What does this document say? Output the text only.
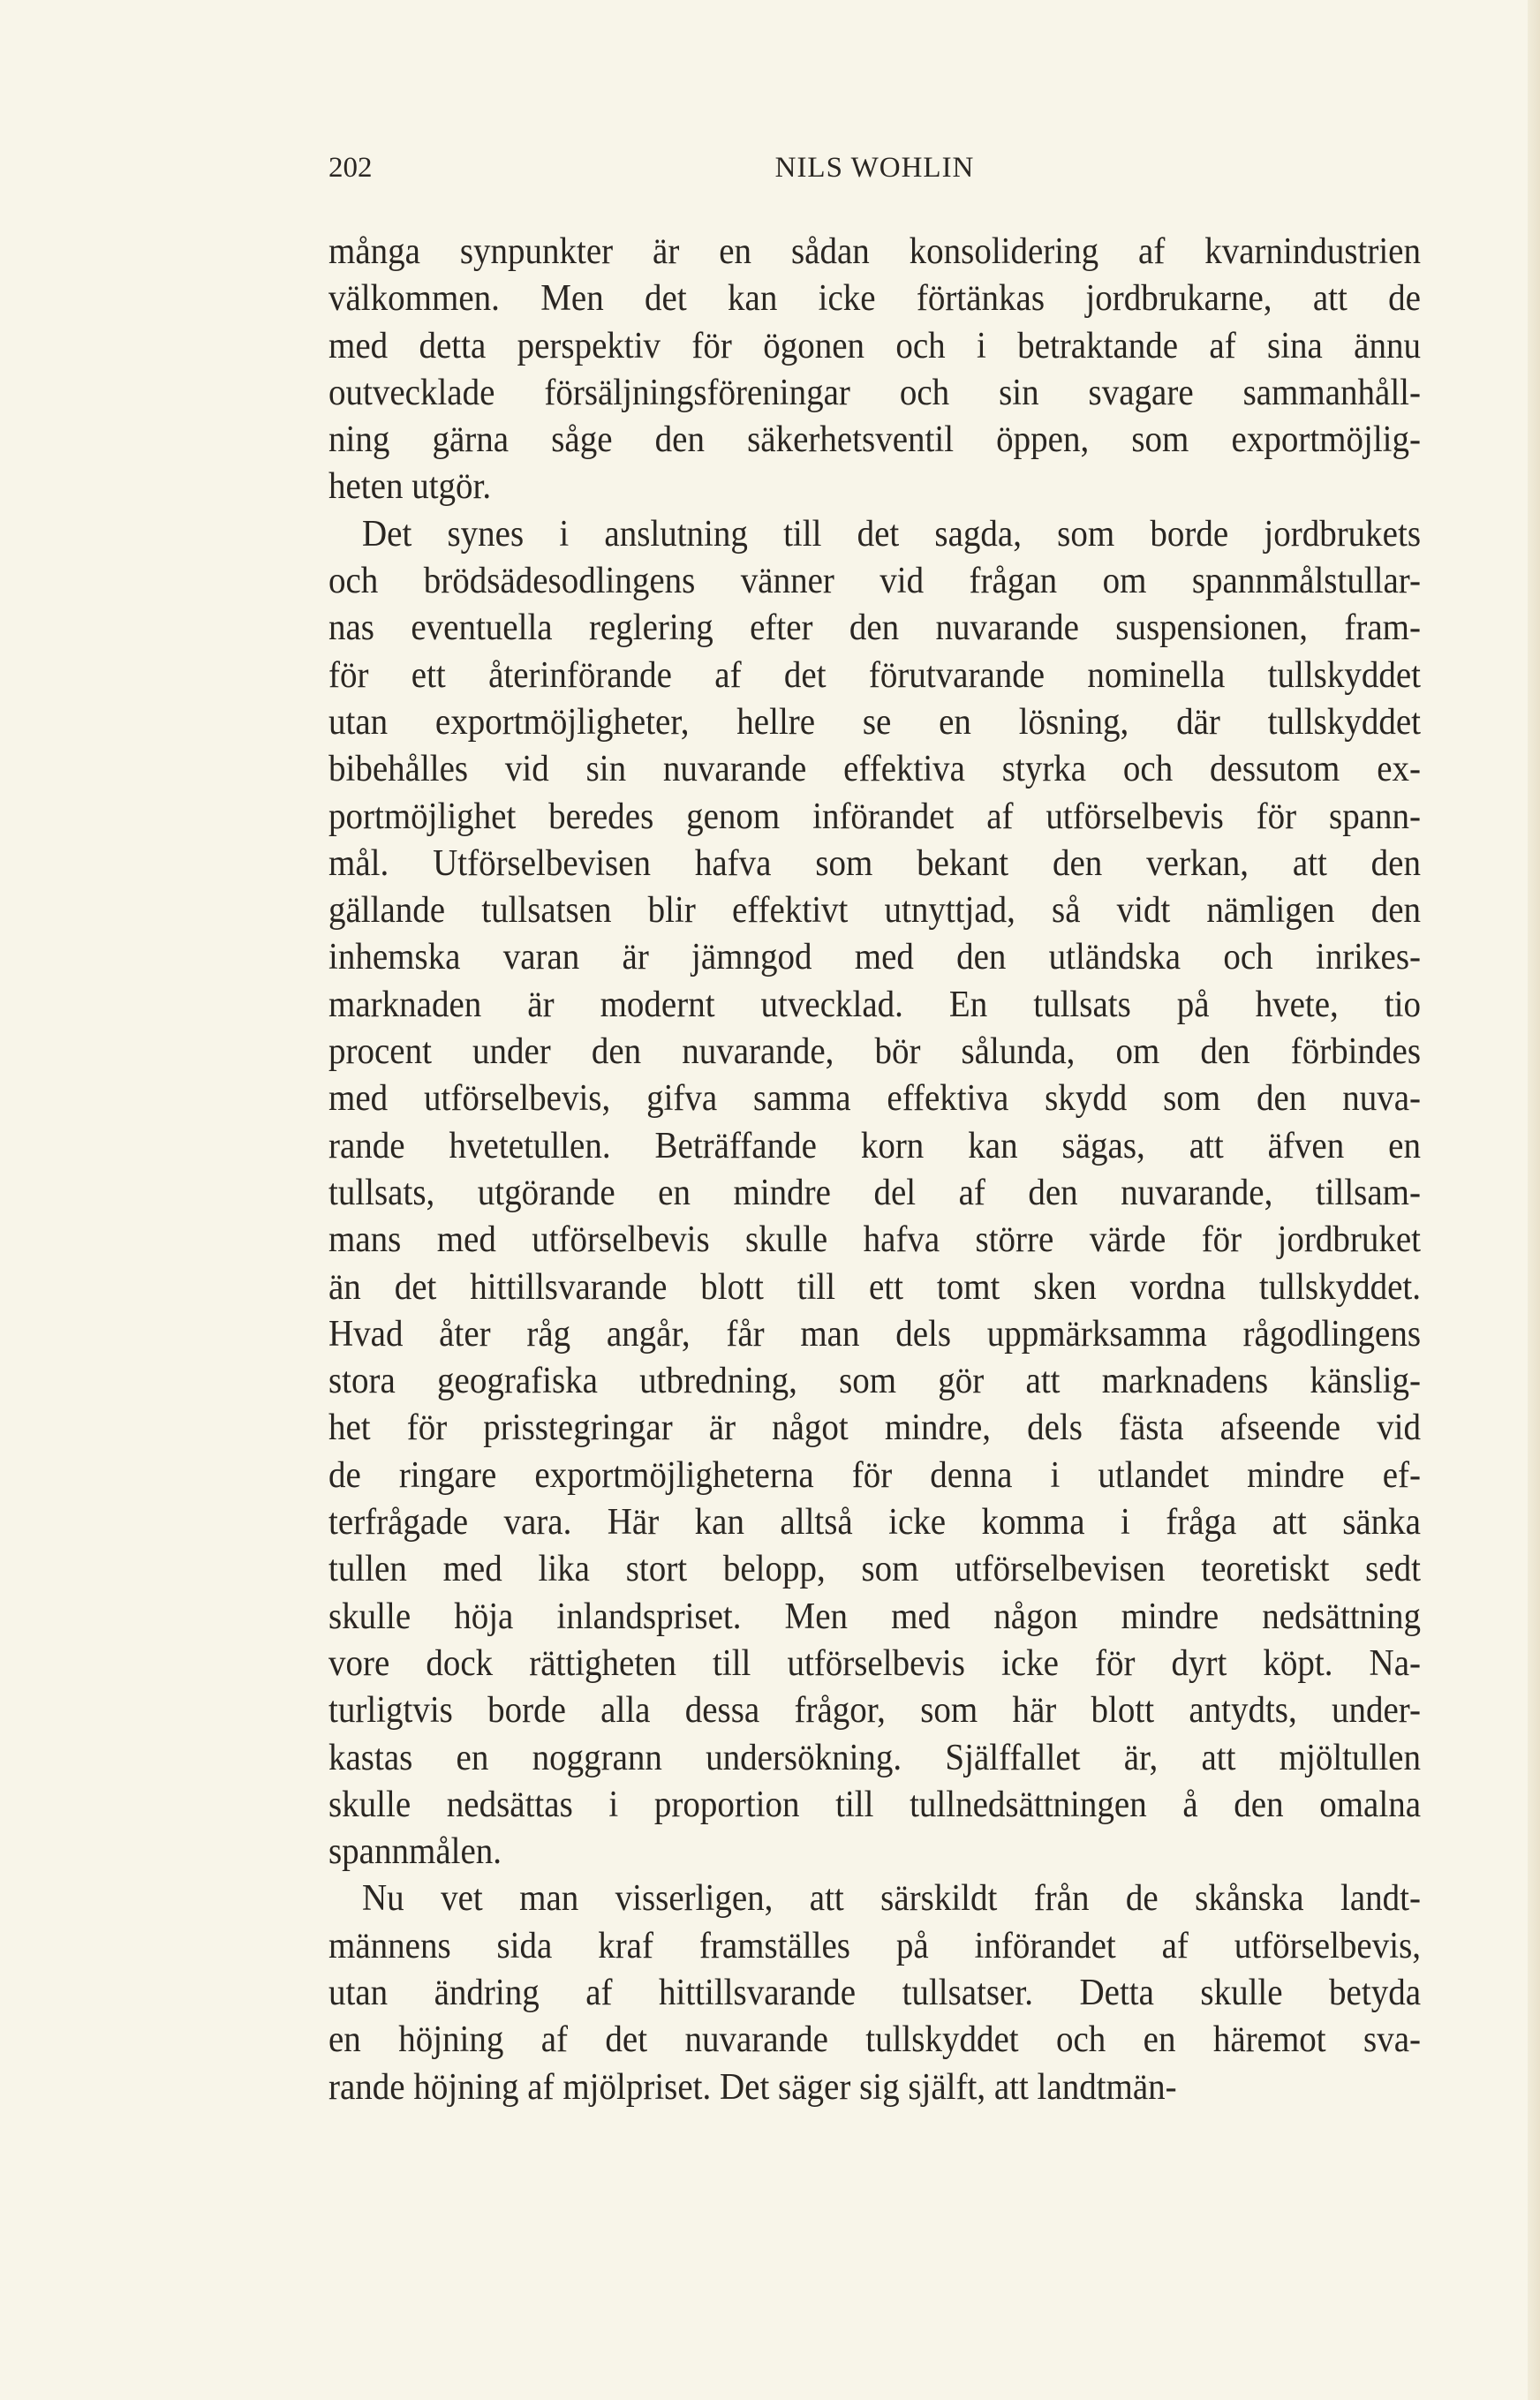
202	NILS WOHLIN
många synpunkter är en sådan konsolidering af kvarnindustrien
välkommen. Men det kan icke förtänkas jordbrukarne, att de
med detta perspektiv för ögonen och i betraktande af sina ännu
outvecklade försäljningsföreningar och sin svagare sammanhåll-
ning gärna såge den säkerhetsventil öppen, som exportmöjlig-
heten utgör.
Det synes i anslutning till det sagda, som borde jordbrukets
och brödsädesodlingens vänner vid frågan om spannmålstullar-
nas eventuella reglering efter den nuvarande suspensionen, fram-
för ett återinförande af det förutvarande nominella tullskyddet
utan exportmöjligheter, hellre se en lösning, där tullskyddet
bibehålles vid sin nuvarande effektiva styrka och dessutom ex-
portmöjlighet beredes genom införandet af utförselbevis för spann-
mål. Utförselbevisen hafva som bekant den verkan, att den
gällande tullsatsen blir effektivt utnyttjad, så vidt nämligen den
inhemska varan är jämngod med den utländska och inrikes-
marknaden är modernt utvecklad. En tullsats på hvete, tio
procent under den nuvarande, bör sålunda, om den förbindes
med utförselbevis, gifva samma effektiva skydd som den nuva-
rande hvetetullen. Beträffande korn kan sägas, att äfven en
tullsats, utgörande en mindre del af den nuvarande, tillsam-
mans med utförselbevis skulle hafva större värde för jordbruket
än det hittillsvarande blott till ett tomt sken vordna tullskyddet.
Hvad åter råg angår, får man dels uppmärksamma rågodlingens
stora geografiska utbredning, som gör att marknadens känslig-
het för prisstegringar är något mindre, dels fästa afseende vid
de ringare exportmöjligheterna för denna i utlandet mindre ef-
terfrågade vara. Här kan alltså icke komma i fråga att sänka
tullen med lika stort belopp, som utförselbevisen teoretiskt sedt
skulle höja inlandspriset. Men med någon mindre nedsättning
vore dock rättigheten till utförselbevis icke för dyrt köpt. Na-
turligtvis borde alla dessa frågor, som här blott antydts, under-
kastas en noggrann undersökning. Själffallet är, att mjöltullen
skulle nedsättas i proportion till tullnedsättningen å den omalna
spannmålen.
Nu vet man visserligen, att särskildt från de skånska landt-
männens sida kraf framställes på införandet af utförselbevis,
utan ändring af hittillsvarande tullsatser. Detta skulle betyda
en höjning af det nuvarande tullskyddet och en häremot sva-
rande höjning af mjölpriset. Det säger sig själft, att landtmän-
